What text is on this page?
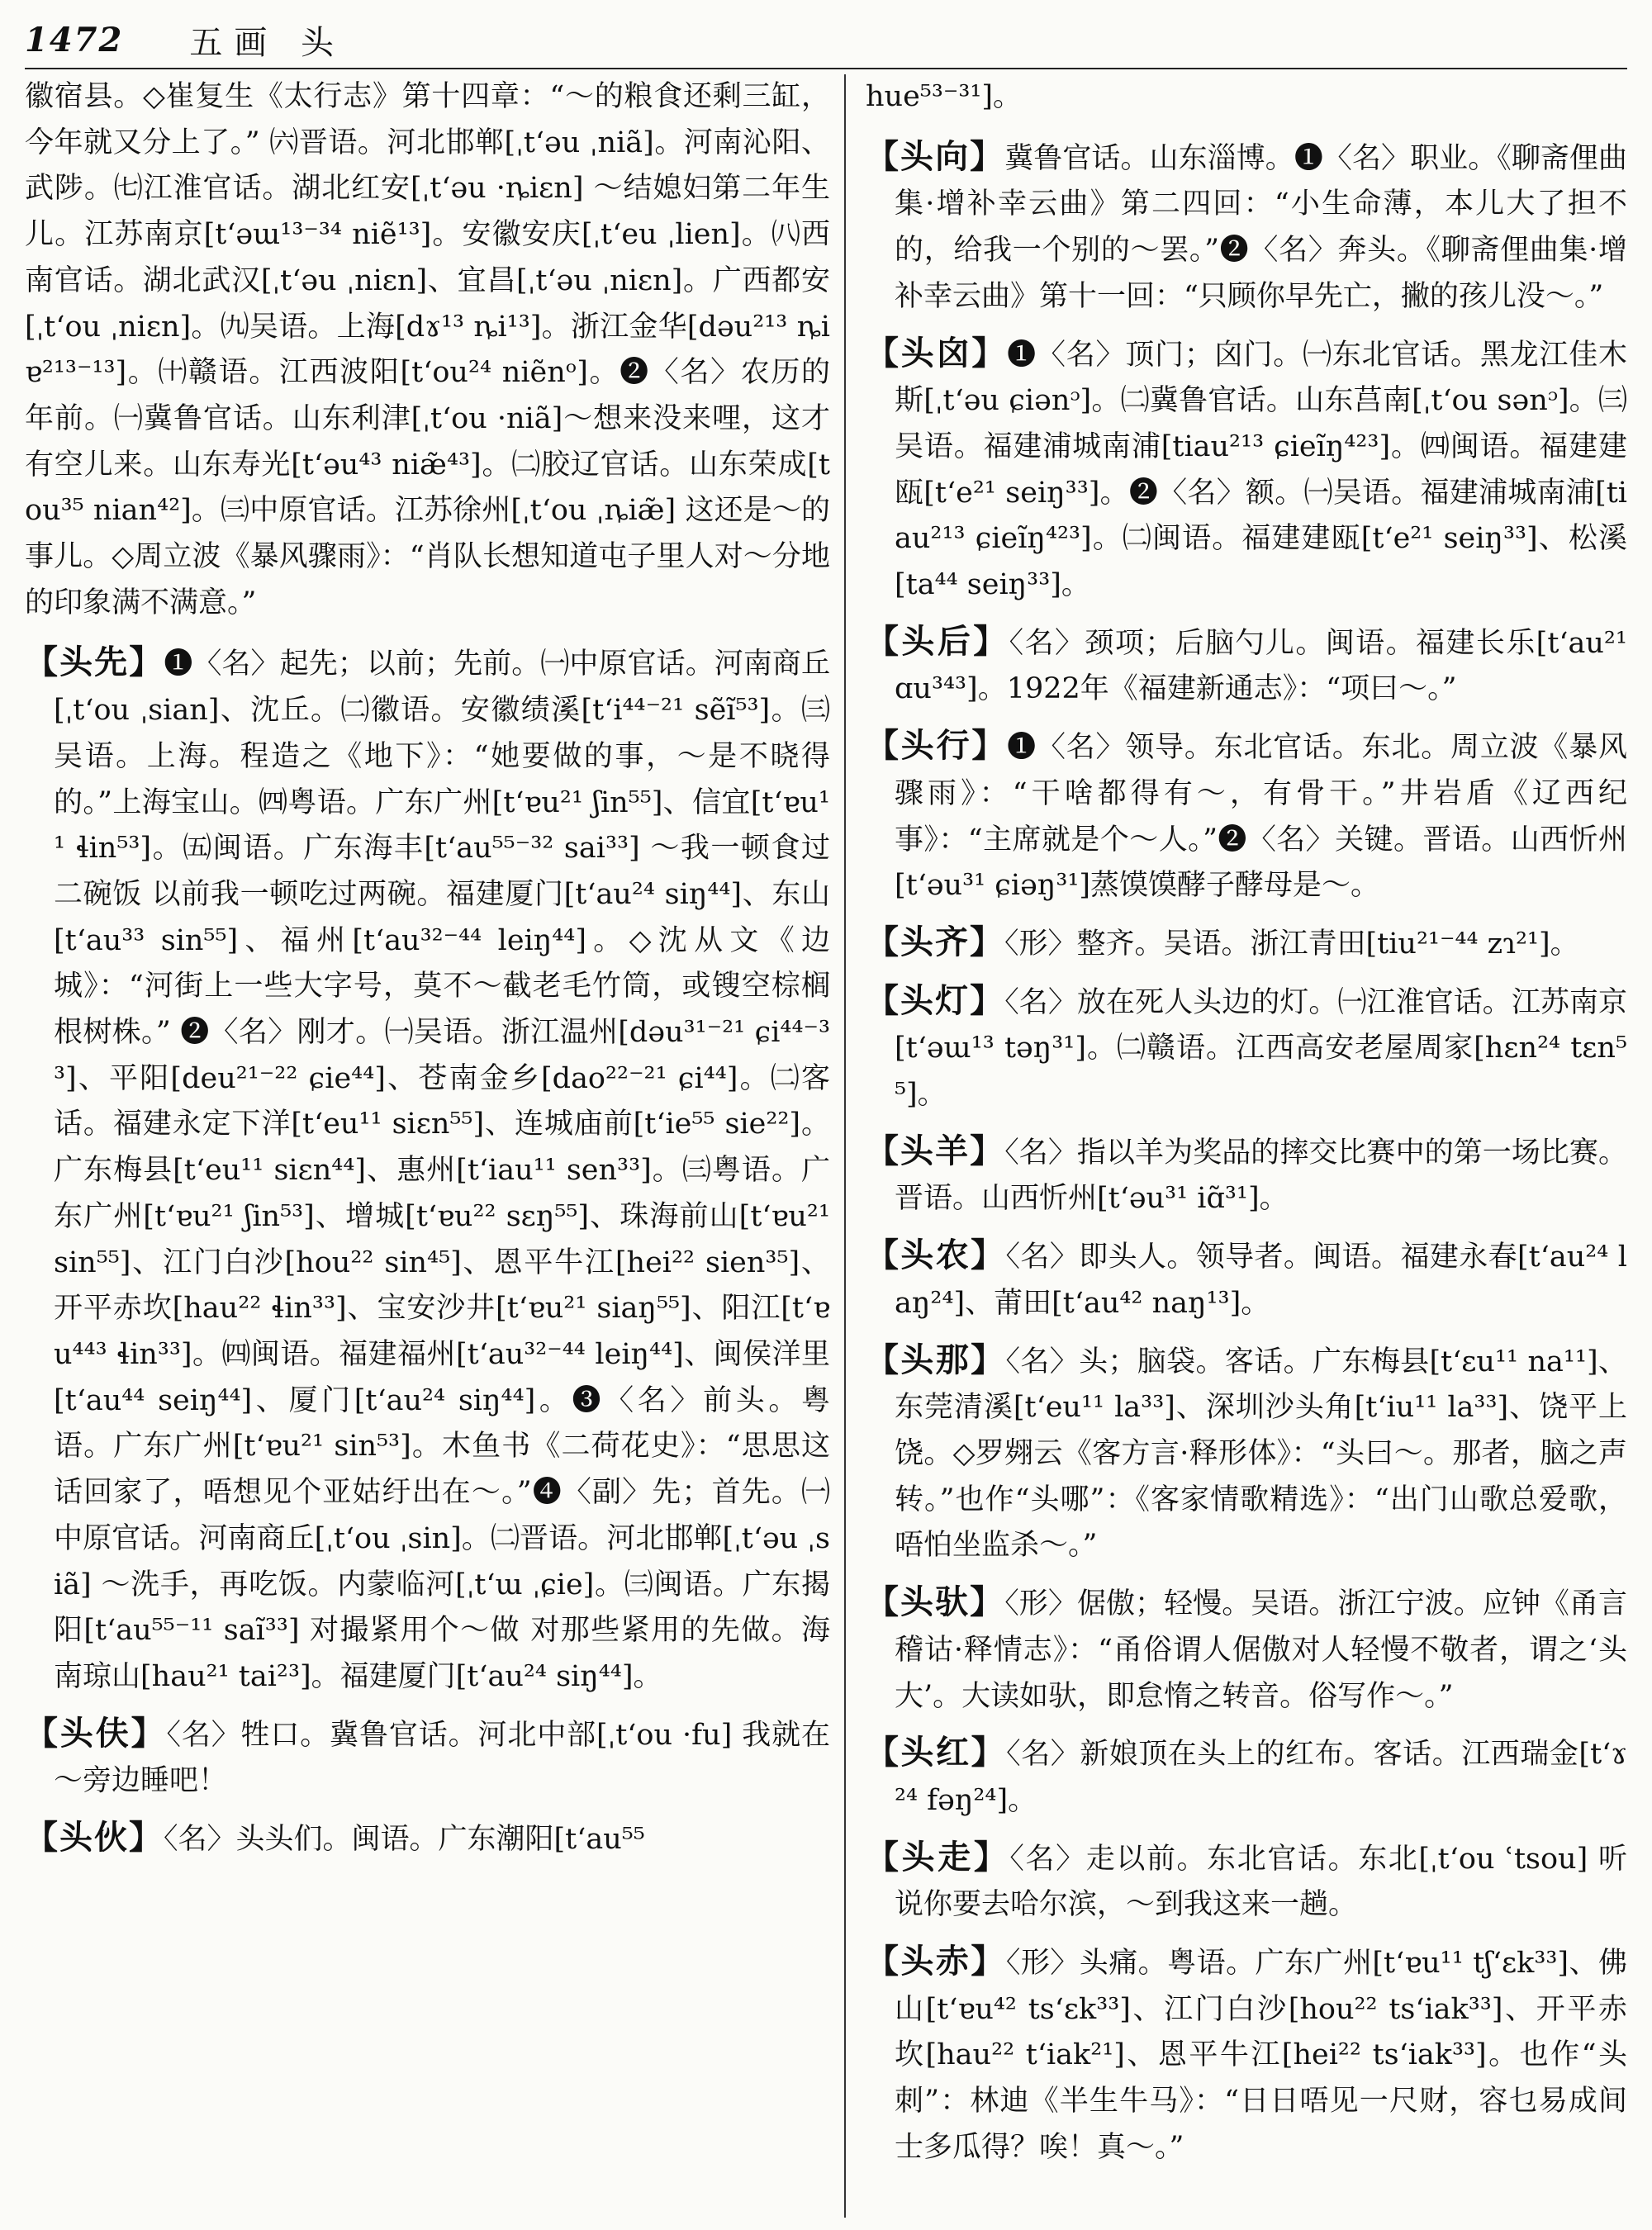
1472 五画 头

徽宿县。◇崔复生《太行志》第十四章：“～的粮食还剩三缸，今年就又分上了。” ㈥晋语。河北邯郸[ˌtʻəu ˌniã]。河南沁阳、武陟。㈦江淮官话。湖北红安[ˌtʻəu ·ȵiɛn] ～结媳妇第二年生儿。江苏南京[tʻəɯ¹³⁻³⁴ niẽ¹³]。安徽安庆[ˌtʻeu ˌlien]。㈧西南官话。湖北武汉[ˌtʻəu ˌniɛn]、宜昌[ˌtʻəu ˌniɛn]。广西都安[ˌtʻou ˌniɛn]。㈨吴语。上海[dɤ¹³ ȵi¹³]。浙江金华[dəu²¹³ ȵiɐ²¹³⁻¹³]。㈩赣语。江西波阳[tʻou²⁴ niẽnᵒ]。❷〈名〉农历的年前。㈠冀鲁官话。山东利津[ˌtʻou ·niã]～想来没来哩，这才有空儿来。山东寿光[tʻəu⁴³ niæ̃⁴³]。㈡胶辽官话。山东荣成[tou³⁵ nian⁴²]。㈢中原官话。江苏徐州[ˌtʻou ˌȵiæ̃] 这还是～的事儿。◇周立波《暴风骤雨》：“肖队长想知道屯子里人对～分地的印象满不满意。”

【头先】❶〈名〉起先；以前；先前。㈠中原官话。河南商丘[ˌtʻou ˌsian]、沈丘。㈡徽语。安徽绩溪[tʻi⁴⁴⁻²¹ sẽĩ⁵³]。㈢吴语。上海。程造之《地下》：“她要做的事，～是不晓得的。”上海宝山。㈣粤语。广东广州[tʻɐu²¹ ʃin⁵⁵]、信宜[tʻɐu¹¹ ɬin⁵³]。㈤闽语。广东海丰[tʻau⁵⁵⁻³² sai³³] ～我一顿食过二碗饭 以前我一顿吃过两碗。福建厦门[tʻau²⁴ siŋ⁴⁴]、东山[tʻau³³ sin⁵⁵]、福州[tʻau³²⁻⁴⁴ leiŋ⁴⁴]。◇沈从文《边城》：“河街上一些大字号，莫不～截老毛竹筒，或锼空棕榈根树株。” ❷〈名〉刚才。㈠吴语。浙江温州[dəu³¹⁻²¹ ɕi⁴⁴⁻³³]、平阳[deu²¹⁻²² ɕie⁴⁴]、苍南金乡[dao²²⁻²¹ ɕi⁴⁴]。㈡客话。福建永定下洋[tʻeu¹¹ siɛn⁵⁵]、连城庙前[tʻie⁵⁵ sie²²]。广东梅县[tʻeu¹¹ siɛn⁴⁴]、惠州[tʻiau¹¹ sen³³]。㈢粤语。广东广州[tʻɐu²¹ ʃin⁵³]、增城[tʻɐu²² sɛŋ⁵⁵]、珠海前山[tʻɐu²¹ sin⁵⁵]、江门白沙[hou²² sin⁴⁵]、恩平牛江[hei²² sien³⁵]、开平赤坎[hau²² ɬin³³]、宝安沙井[tʻɐu²¹ siaŋ⁵⁵]、阳江[tʻɐu⁴⁴³ ɬin³³]。㈣闽语。福建福州[tʻau³²⁻⁴⁴ leiŋ⁴⁴]、闽侯洋里[tʻau⁴⁴ seiŋ⁴⁴]、厦门[tʻau²⁴ siŋ⁴⁴]。❸〈名〉前头。粤语。广东广州[tʻɐu²¹ sin⁵³]。木鱼书《二荷花史》：“思思这话回家了，唔想见个亚姑纡出在～。”❹〈副〉先；首先。㈠中原官话。河南商丘[ˌtʻou ˌsin]。㈡晋语。河北邯郸[ˌtʻəu ˌsiã] ～洗手，再吃饭。内蒙临河[ˌtʻɯ ˌɕie]。㈢闽语。广东揭阳[tʻau⁵⁵⁻¹¹ saĩ³³] 对撮紧用个～做 对那些紧用的先做。海南琼山[hau²¹ tai²³]。福建厦门[tʻau²⁴ siŋ⁴⁴]。

【头伕】〈名〉牲口。冀鲁官话。河北中部[ˌtʻou ·fu] 我就在～旁边睡吧！

【头伙】〈名〉头头们。闽语。广东潮阳[tʻau⁵⁵

hue⁵³⁻³¹]。

【头向】冀鲁官话。山东淄博。❶〈名〉职业。《聊斋俚曲集·增补幸云曲》第二四回：“小生命薄，本儿大了担不的，给我一个别的～罢。”❷〈名〉奔头。《聊斋俚曲集·增补幸云曲》第十一回：“只顾你早先亡，撇的孩儿没～。”

【头囟】❶〈名〉顶门；囟门。㈠东北官话。黑龙江佳木斯[ˌtʻəu ɕiənᵓ]。㈡冀鲁官话。山东莒南[ˌtʻou sənᵓ]。㈢吴语。福建浦城南浦[tiau²¹³ ɕieĩŋ⁴²³]。㈣闽语。福建建瓯[tʻe²¹ seiŋ³³]。❷〈名〉额。㈠吴语。福建浦城南浦[tiau²¹³ ɕieĩŋ⁴²³]。㈡闽语。福建建瓯[tʻe²¹ seiŋ³³]、松溪[ta⁴⁴ seiŋ³³]。

【头后】〈名〉颈项；后脑勺儿。闽语。福建长乐[tʻau²¹ ɑu³⁴³]。1922年《福建新通志》：“项曰～。”

【头行】❶〈名〉领导。东北官话。东北。周立波《暴风骤雨》：“干啥都得有～，有骨干。”井岩盾《辽西纪事》：“主席就是个～人。”❷〈名〉关键。晋语。山西忻州[tʻəu³¹ ɕiəŋ³¹]蒸馍馍酵子酵母是～。

【头齐】〈形〉整齐。吴语。浙江青田[tiu²¹⁻⁴⁴ zɿ²¹]。

【头灯】〈名〉放在死人头边的灯。㈠江淮官话。江苏南京[tʻəɯ¹³ təŋ³¹]。㈡赣语。江西高安老屋周家[hɛn²⁴ tɛn⁵⁵]。

【头羊】〈名〉指以羊为奖品的摔交比赛中的第一场比赛。晋语。山西忻州[tʻəu³¹ iɑ̃³¹]。

【头农】〈名〉即头人。领导者。闽语。福建永春[tʻau²⁴ laŋ²⁴]、莆田[tʻau⁴² naŋ¹³]。

【头那】〈名〉头；脑袋。客话。广东梅县[tʻɛu¹¹ na¹¹]、东莞清溪[tʻeu¹¹ la³³]、深圳沙头角[tʻiu¹¹ la³³]、饶平上饶。◇罗翙云《客方言·释形体》：“头曰～。那者，脑之声转。”也作“头哪”：《客家情歌精选》：“出门山歌总爱歌，唔怕坐监杀～。”

【头驮】〈形〉倨傲；轻慢。吴语。浙江宁波。应钟《甬言稽诂·释情志》：“甬俗谓人倨傲对人轻慢不敬者，谓之‘头大’。大读如驮，即怠惰之转音。俗写作～。”

【头红】〈名〉新娘顶在头上的红布。客话。江西瑞金[tʻɤ²⁴ fəŋ²⁴]。

【头走】〈名〉走以前。东北官话。东北[ˌtʻou ʿtsou] 听说你要去哈尔滨，～到我这来一趟。

【头赤】〈形〉头痛。粤语。广东广州[tʻɐu¹¹ tʃʻɛk³³]、佛山[tʻɐu⁴² tsʻɛk³³]、江门白沙[hou²² tsʻiak³³]、开平赤坎[hau²² tʻiak²¹]、恩平牛江[hei²² tsʻiak³³]。也作“头刺”：林迪《半生牛马》：“日日唔见一尺财，容乜易成间士多瓜得？唉！真～。”
